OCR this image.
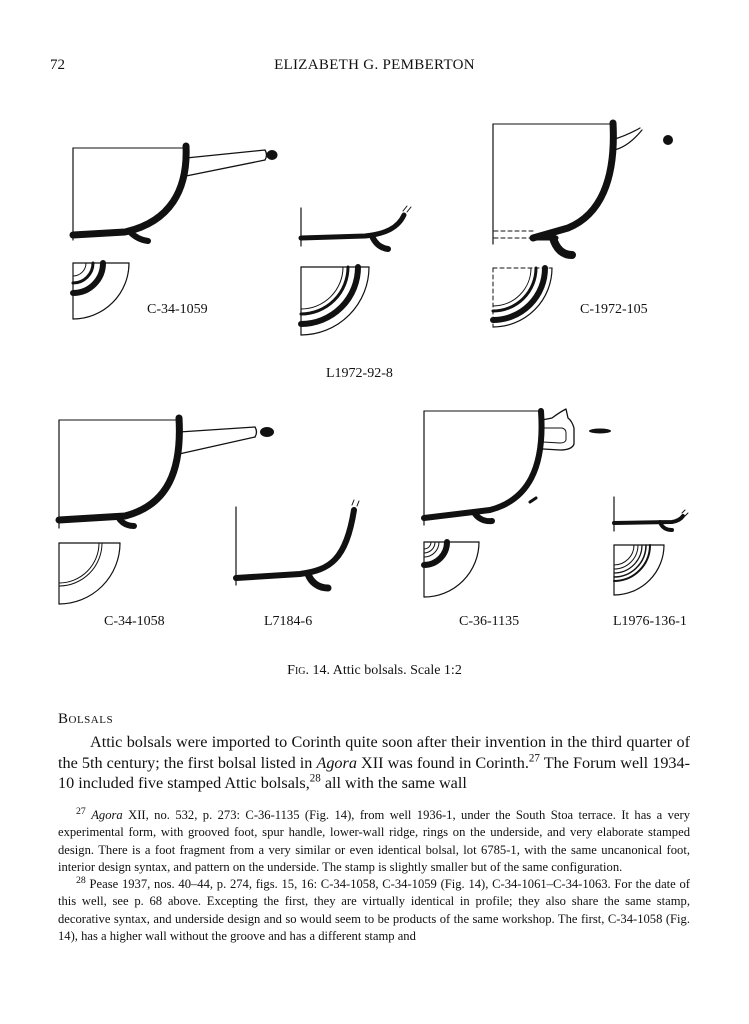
72	ELIZABETH G. PEMBERTON
C-34-1059
L1972-92-8
C-1972-105
C-34-1058	L7184-6	C-36-1135	L1976-136-1
Fig. 14. Attic bolsals. Scale 1:2
Bolsals

Attic bolsals were imported to Corinth quite soon after their invention in the third quarter of the 5th century; the first bolsal listed in Agora XII was found in Corinth.$^{27}$ The Forum well 1934-10 included five stamped Attic bolsals,$^{28}$ all with the same wall

$^{27}$ Agora XII, no. 532, p. 273: C-36-1135 (Fig. 14), from well 1936-1, under the South Stoa terrace. It has a very experimental form, with grooved foot, spur handle, lower-wall ridge, rings on the underside, and very elaborate stamped design. There is a foot fragment from a very similar or even identical bolsal, lot 6785-1, with the same uncanonical foot, interior design syntax, and pattern on the underside. The stamp is slightly smaller but of the same configuration.

$^{28}$ Pease 1937, nos. 40–44, p. 274, figs. 15, 16: C-34-1058, C-34-1059 (Fig. 14), C-34-1061–C-34-1063. For the date of this well, see p. 68 above. Excepting the first, they are virtually identical in profile; they also share the same stamp, decorative syntax, and underside design and so would seem to be products of the same workshop. The first, C-34-1058 (Fig. 14), has a higher wall without the groove and has a different stamp and
